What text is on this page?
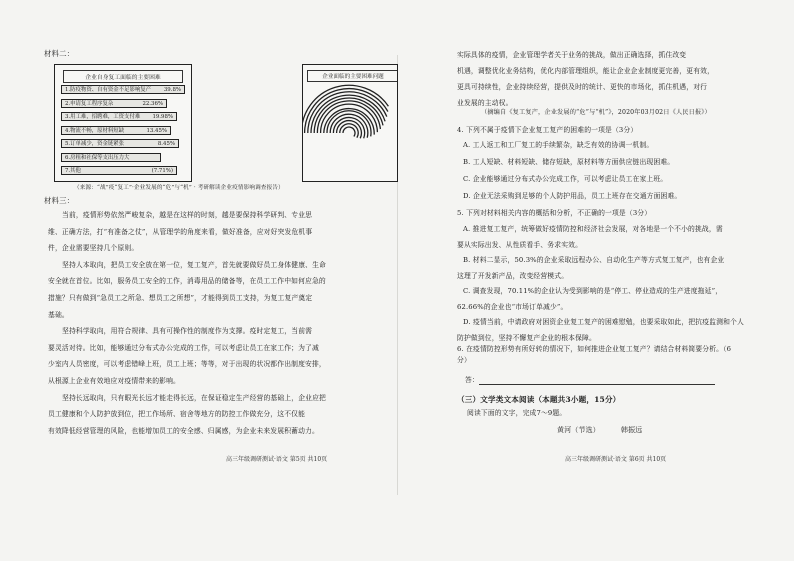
材料二：
企业自身复工面临的主要困难
1.防疫物资、自有资金不足影响复产 39.8%
2.申请复工程序复杂	22.36%
3.用工难，招聘难，工资支付难 19.98%
4.物流不畅，原材料短缺	13.45%
5.订单减少，资金链紧张	8.45%
6.房租和社保等支出压力大
7.其他	(7.71%)
企业面临的主要困难问题
（来源：“战”疫“复工”·企业发展的“危”与“机” · 考研解读企业疫情影响调查报告）
材料三：
当前，疫情形势依然严峻复杂，越是在这样的时刻，越是要保持科学研判、专业思
维、正确方法，打“有准备之仗”，从管理学的角度来看，做好准备，应对好突发危机事
件，企业需要坚持几个原则。
坚持人本取向，把员工安全放在第一位，复工复产，首先就要做好员工身体健康、生命
安全就在首位。比如，服务员工安全的工作，消毒用品的储备等，在员工工作中如何应急的
措施？只有做到“急员工之所急、想员工之所想”，才能得到员工支持，为复工复产奠定
基础。
坚持科学取向，用符合规律、具有可操作性的制度作为支撑。疫时定复工，当前需
要灵活对待。比如，能够通过分布式办公完成的工作，可以考虑让员工在家工作；为了减
少室内人员密度，可以考虑错峰上班，员工上班；等等，对于出现的状况都作出制度安排，
从根源上企业有效地应对疫情带来的影响。
坚持长远取向，只有眼光长远才能走得长远，在保证稳定生产经营的基础上，企业应把
员工健康和个人防护放到位，把工作场所、宿舍等地方的防控工作做充分，这不仅能
有效降低经营管理的风险，也能增加员工的安全感、归属感，为企业未来发展积蓄动力。
高三年级调研测试·语文 第5页 共10页
实际具体的疫情，企业管理学者关于业务的挑战，做出正确选择，抓住改变
机遇，调整优化业务结构，优化内部管理组织，能让企业企业制度更完善，更有效，
更具可持续性，企业持续经营，提供及时的统计、更快的市场化，抓住机遇，对行
业发展的主动权。
（摘编自《复工复产，企业发展的“危”与“机”》，2020年03月02日《人民日报》）
4. 下列不属于疫情下企业复工复产的困难的一项是（3分）
A. 工人返工和工厂复工的手续繁杂，缺乏有效的协调一机制。
B. 工人短缺、材料短缺、储存短缺，原材料等方面供应链出现困难。
C. 企业能够通过分布式办公完成工作，可以考虑让员工在家上班。
D. 企业无法采购到足够的个人防护用品，员工上班存在交通方面困难。
5. 下列对材料相关内容的概括和分析，不正确的一项是（3分）
A. 推进复工复产，统筹做好疫情防控和经济社会发展，对各地是一个不小的挑战，需
要从实际出发、从性质看手、务求实效。
B. 材料二显示，50.3%的企业采取远程办公、自动化生产等方式复工复产，也有企业
这理了开发新产品，改变经营模式。
C. 调查发现，70.11%的企业认为受到影响的是“停工、停业造成的生产进度拖延”，
62.66%的企业也“市场订单减少”。
D. 疫情当前，中请政府对困资企业复工复产的困难慰勉，也要采取如此，把抗疫监测和个人
防护做到位，坚持不懈复产企业的根本保障。
6. 在疫情防控形势有所好转的情况下，如何推进企业复工复产？请结合材料简要分析。（6
分）
答：
（三）文学类文本阅读（本题共3小题，15分）
阅读下面的文字，完成7～9题。
黄河（节选）	韩振远
高三年级调研测试·语文 第6页 共10页
